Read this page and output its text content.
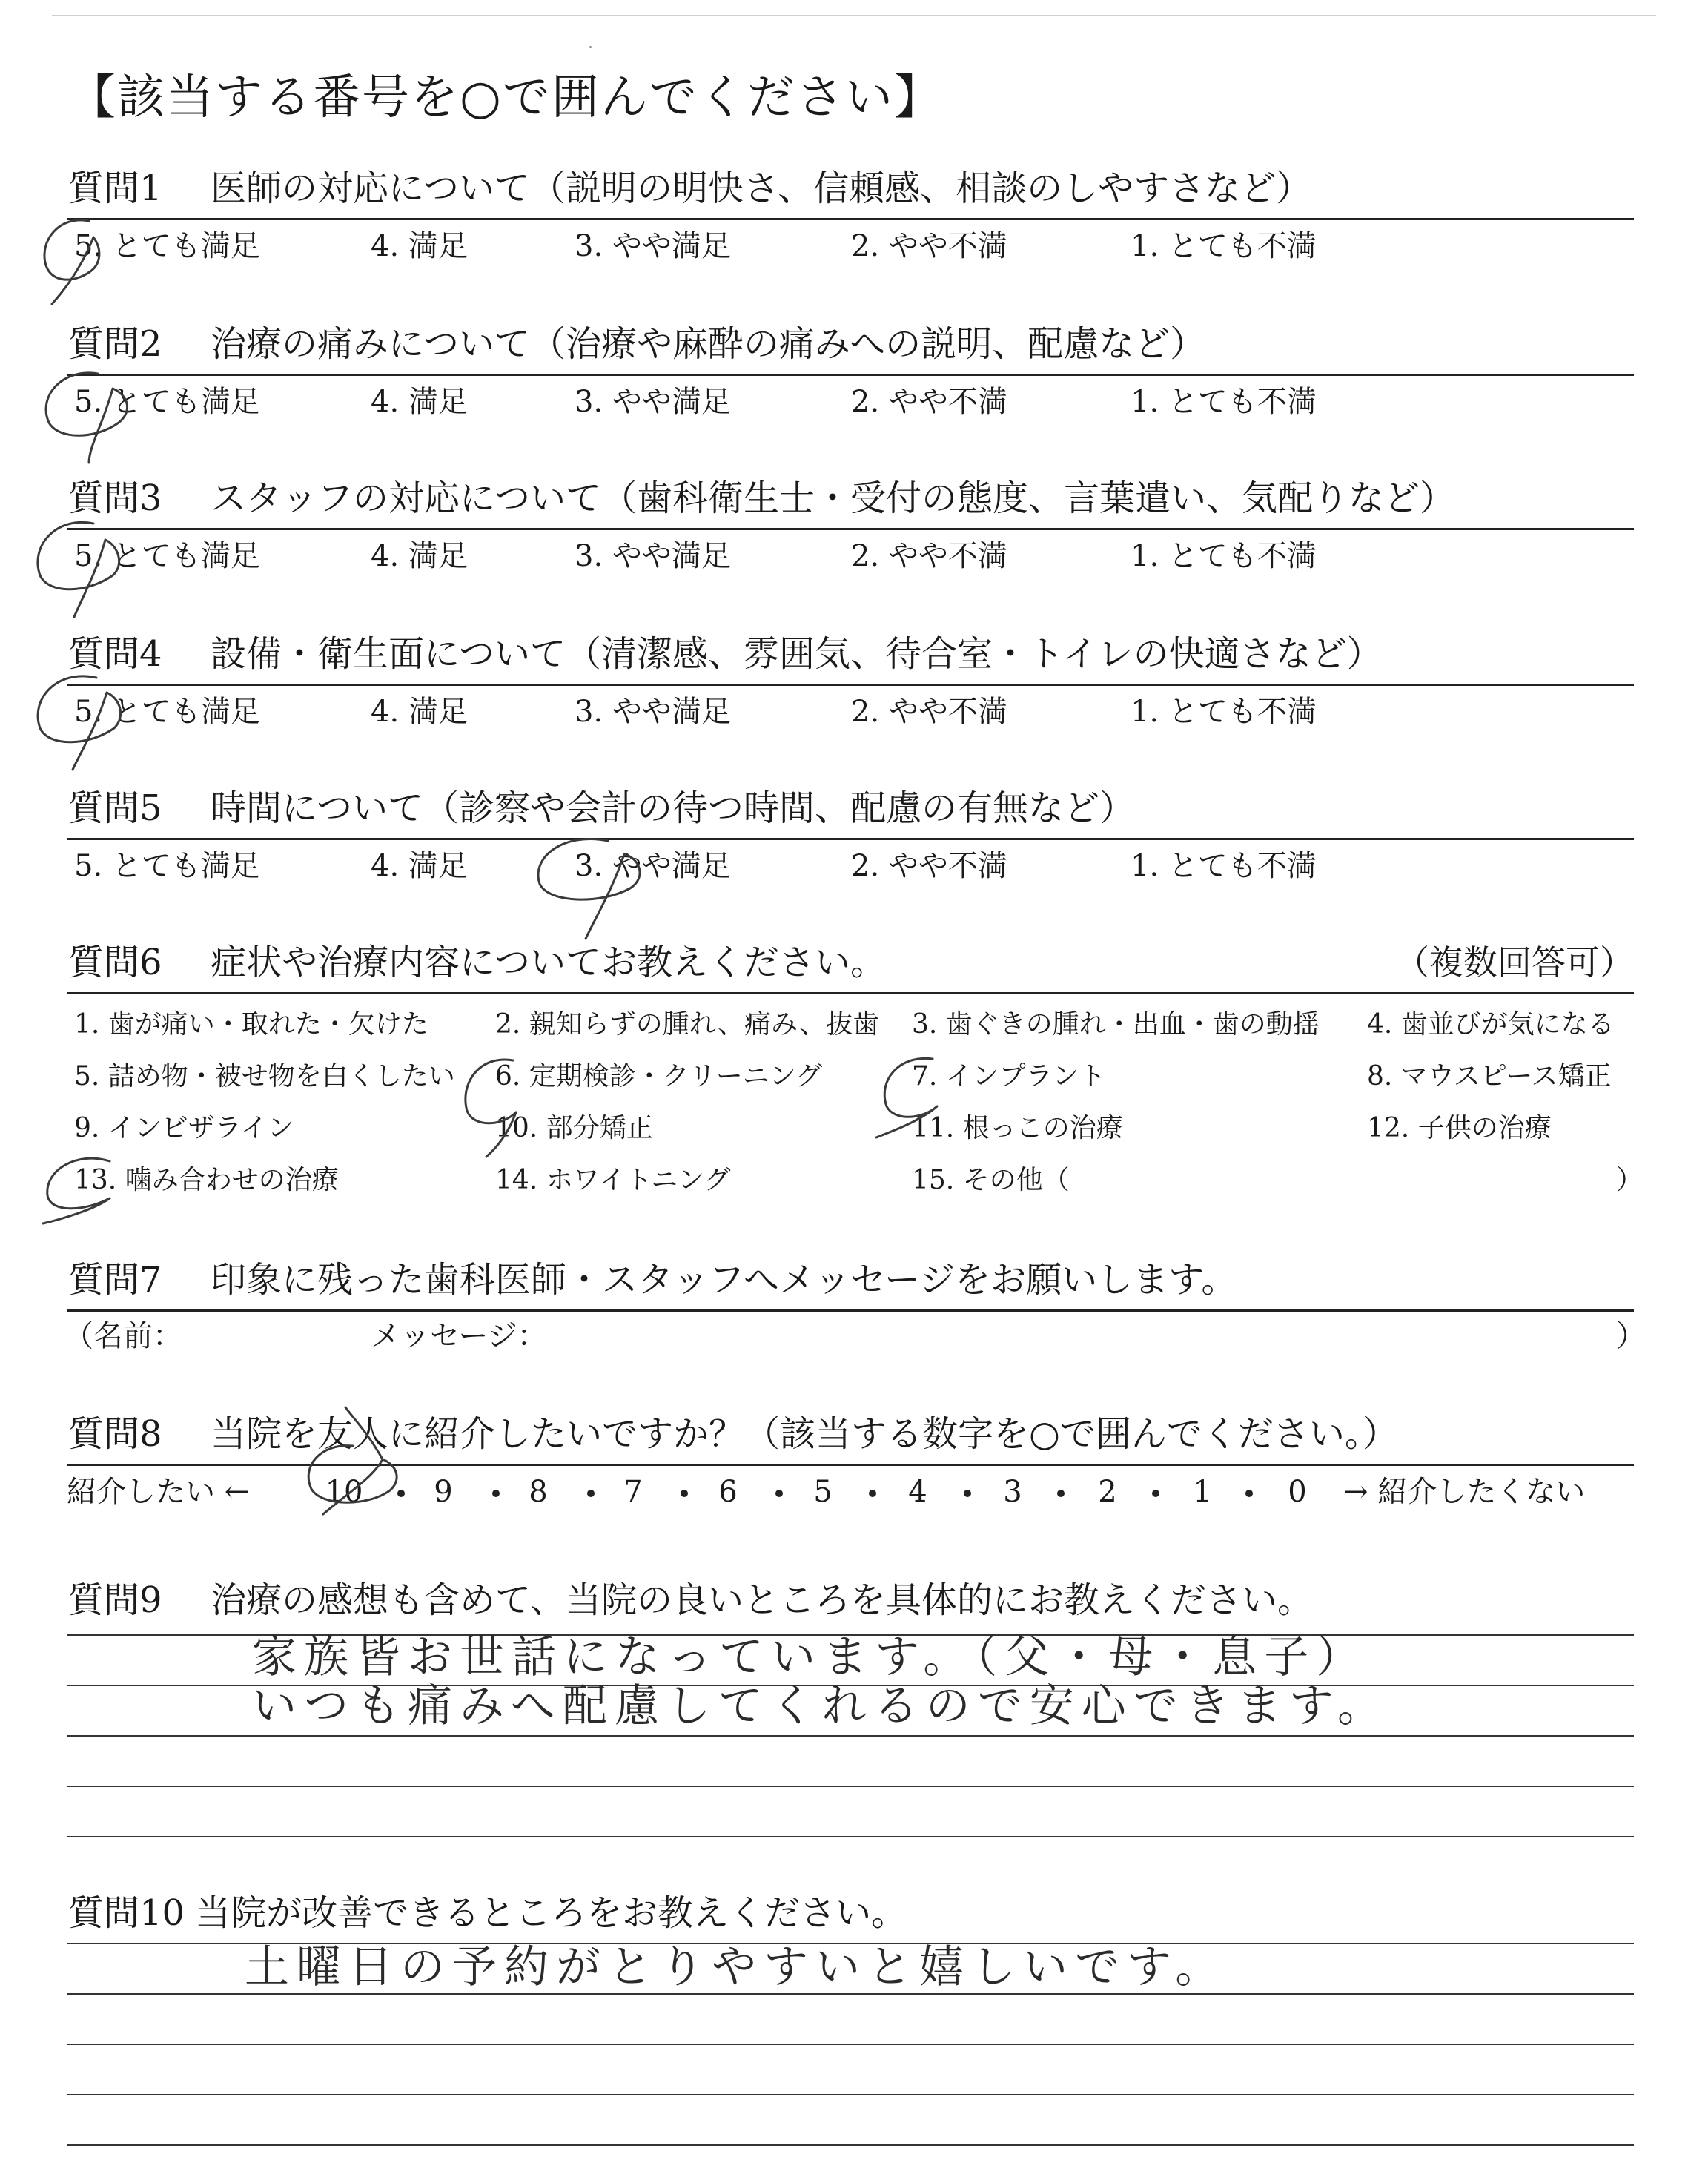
【該当する番号を○で囲んでください】
質問1 医師の対応について（説明の明快さ、信頼感、相談のしやすさなど）
5. とても満足	4. 満足	3. やや満足	2. やや不満	1. とても不満
質問2 治療の痛みについて（治療や麻酔の痛みへの説明、配慮など）
5. とても満足	4. 満足	3. やや満足	2. やや不満	1. とても不満
質問3 スタッフの対応について（歯科衛生士・受付の態度、言葉遣い、気配りなど）
5. とても満足	4. 満足	3. やや満足	2. やや不満	1. とても不満
質問4 設備・衛生面について（清潔感、雰囲気、待合室・トイレの快適さなど）
5. とても満足	4. 満足	3. やや満足	2. やや不満	1. とても不満
質問5 時間について（診察や会計の待つ時間、配慮の有無など）
5. とても満足	4. 満足	3. やや満足	2. やや不満	1. とても不満
質問6 症状や治療内容についてお教えください。	（複数回答可）
1. 歯が痛い・取れた・欠けた	2. 親知らずの腫れ、痛み、抜歯 3. 歯ぐきの腫れ・出血・歯の動揺 4. 歯並びが気になる
5. 詰め物・被せ物を白くしたい 6. 定期検診・クリーニング	7. インプラント	8. マウスピース矯正
9. インビザライン	10. 部分矯正	11. 根っこの治療	12. 子供の治療
13. 噛み合わせの治療	14. ホワイトニング	15. その他（	）
質問7 印象に残った歯科医師・スタッフへメッセージをお願いします。
（名前：	メッセージ：	）
質問8 当院を友人に紹介したいですか？（該当する数字を○で囲んでください。）
紹介したい ←	→ 紹介したくない
10	9	8	7	6	5	4	3	2	1	0
質問9 治療の感想も含めて、当院の良いところを具体的にお教えください。
家族皆お世話になっています。（父・母・息子）
いつも痛みへ配慮してくれるので安心できます。
質問10 当院が改善できるところをお教えください。
土曜日の予約がとりやすいと嬉しいです。
